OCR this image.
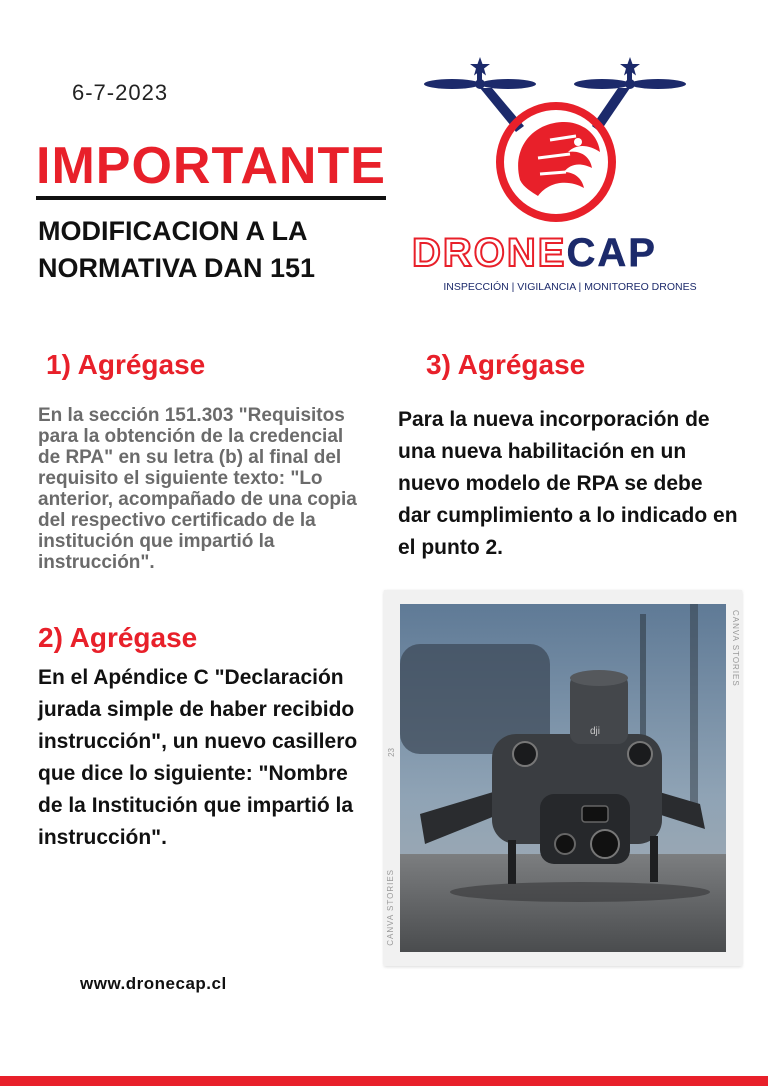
6-7-2023
IMPORTANTE
MODIFICACION A LA NORMATIVA DAN 151	DRONECAP
INSPECCIÓN | VIGILANCIA | MONITOREO DRONES
1) Agrégase
En la sección 151.303 "Requisitos para la obtención de la credencial de RPA" en su letra (b) al final del requisito el siguiente texto: "Lo anterior, acompañado de una copia del respectivo certificado de la institución que impartió la instrucción".
2) Agrégase
En el Apéndice C "Declaración jurada simple de haber recibido instrucción", un nuevo casillero que dice lo siguiente: "Nombre de la Institución que impartió la instrucción".
3) Agrégase
Para la nueva incorporación de una nueva habilitación en un nuevo modelo de RPA se debe dar cumplimiento a lo indicado en el punto 2.
dji
CANVA STORIES
CANVA STORIES
23
www.dronecap.cl
